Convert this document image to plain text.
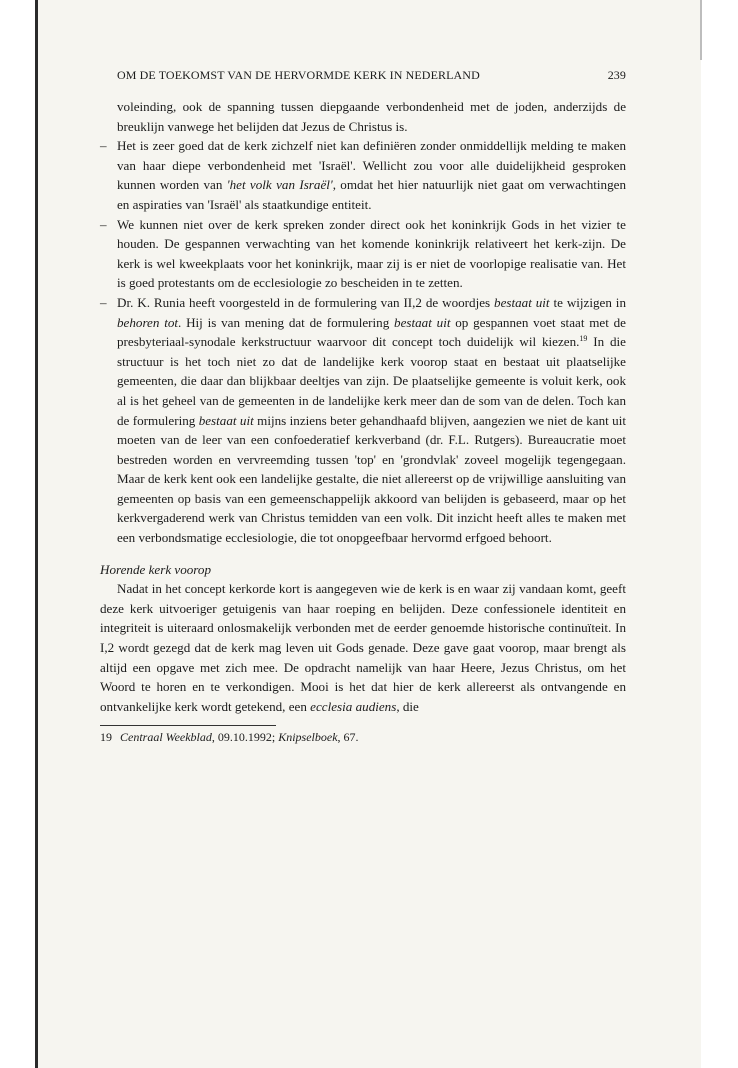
OM DE TOEKOMST VAN DE HERVORMDE KERK IN NEDERLAND	239

voleinding, ook de spanning tussen diepgaande verbondenheid met de joden, anderzijds de breuklijn vanwege het belijden dat Jezus de Christus is.

– Het is zeer goed dat de kerk zichzelf niet kan definiëren zonder onmiddellijk melding te maken van haar diepe verbondenheid met 'Israël'. Wellicht zou voor alle duidelijkheid gesproken kunnen worden van 'het volk van Israël', omdat het hier natuurlijk niet gaat om verwachtingen en aspiraties van 'Israël' als staatkundige entiteit.

– We kunnen niet over de kerk spreken zonder direct ook het koninkrijk Gods in het vizier te houden. De gespannen verwachting van het komende koninkrijk relativeert het kerk-zijn. De kerk is wel kweekplaats voor het koninkrijk, maar zij is er niet de voorlopige realisatie van. Het is goed protestants om de ecclesiologie zo bescheiden in te zetten.

– Dr. K. Runia heeft voorgesteld in de formulering van II,2 de woordjes bestaat uit te wijzigen in behoren tot. Hij is van mening dat de formulering bestaat uit op gespannen voet staat met de presbyteriaal-synodale kerkstructuur waarvoor dit concept toch duidelijk wil kiezen.$^{19}$ In die structuur is het toch niet zo dat de landelijke kerk voorop staat en bestaat uit plaatselijke gemeenten, die daar dan blijkbaar deeltjes van zijn. De plaatselijke gemeente is voluit kerk, ook al is het geheel van de gemeenten in de landelijke kerk meer dan de som van de delen. Toch kan de formulering bestaat uit mijns inziens beter gehandhaafd blijven, aangezien we niet de kant uit moeten van de leer van een confoederatief kerkverband (dr. F.L. Rutgers). Bureaucratie moet bestreden worden en vervreemding tussen 'top' en 'grondvlak' zoveel mogelijk tegengegaan. Maar de kerk kent ook een landelijke gestalte, die niet allereerst op de vrijwillige aansluiting van gemeenten op basis van een gemeenschappelijk akkoord van belijden is gebaseerd, maar op het kerkvergaderend werk van Christus temidden van een volk. Dit inzicht heeft alles te maken met een verbondsmatige ecclesiologie, die tot onopgeefbaar hervormd erfgoed behoort.

Horende kerk voorop

Nadat in het concept kerkorde kort is aangegeven wie de kerk is en waar zij vandaan komt, geeft deze kerk uitvoeriger getuigenis van haar roeping en belijden. Deze confessionele identiteit en integriteit is uiteraard onlosmakelijk verbonden met de eerder genoemde historische continuïteit. In I,2 wordt gezegd dat de kerk mag leven uit Gods genade. Deze gave gaat voorop, maar brengt als altijd een opgave met zich mee. De opdracht namelijk van haar Heere, Jezus Christus, om het Woord te horen en te verkondigen. Mooi is het dat hier de kerk allereerst als ontvangende en ontvankelijke kerk wordt getekend, een ecclesia audiens, die

19 Centraal Weekblad, 09.10.1992; Knipselboek, 67.
